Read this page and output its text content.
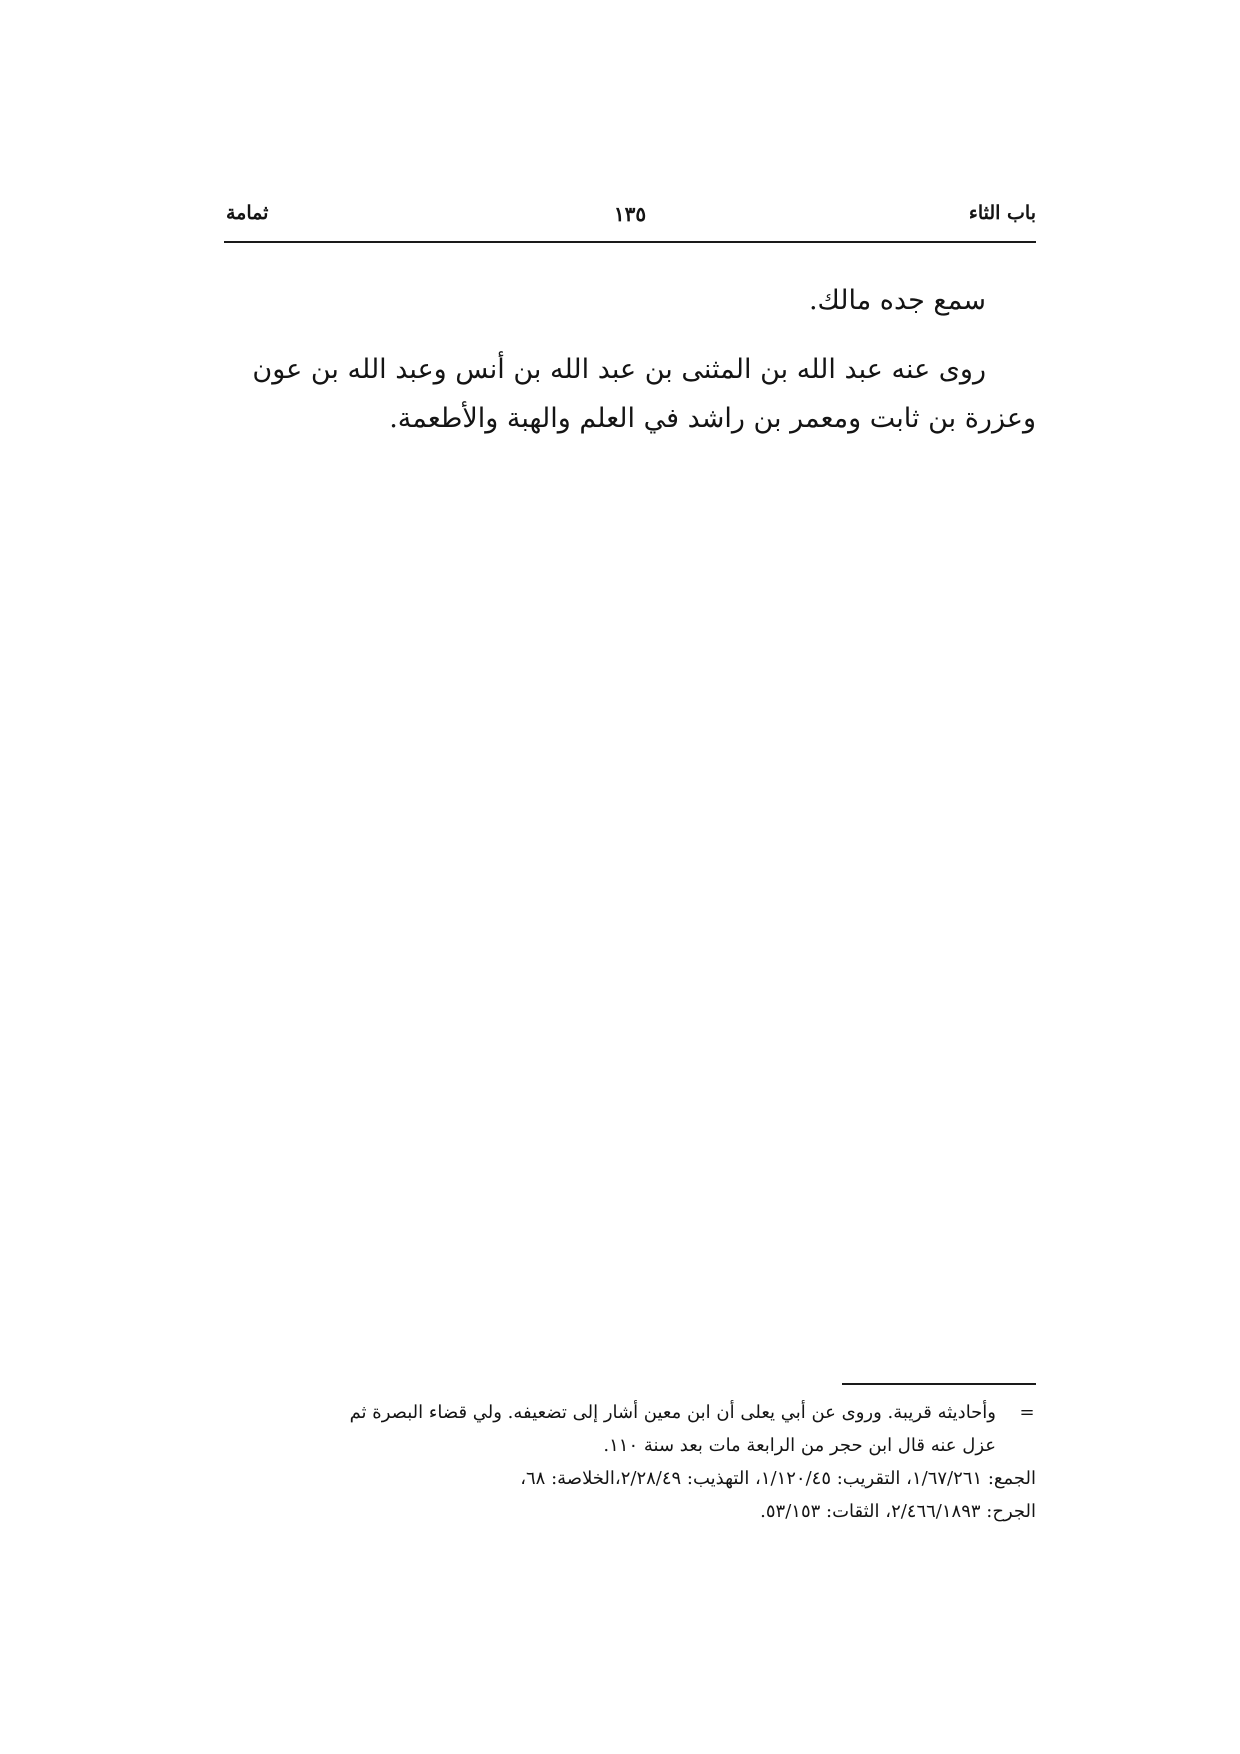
باب الثاء
١٣٥
ثمامة

سمع جده مالك.

روى عنه عبد الله بن المثنى بن عبد الله بن أنس وعبد الله بن عون وعزرة بن ثابت ومعمر بن راشد في العلم والهبة والأطعمة.

=
وأحاديثه قريبة. وروى عن أبي يعلى أن ابن معين أشار إلى تضعيفه. ولي قضاء البصرة ثم
عزل عنه قال ابن حجر من الرابعة مات بعد سنة ١١٠.
الجمع: ١/٦٧/٢٦١، التقريب: ١/١٢٠/٤٥، التهذيب: ٢/٢٨/٤٩،الخلاصة: ٦٨،
الجرح: ٢/٤٦٦/١٨٩٣، الثقات: ٥٣/١٥٣.
